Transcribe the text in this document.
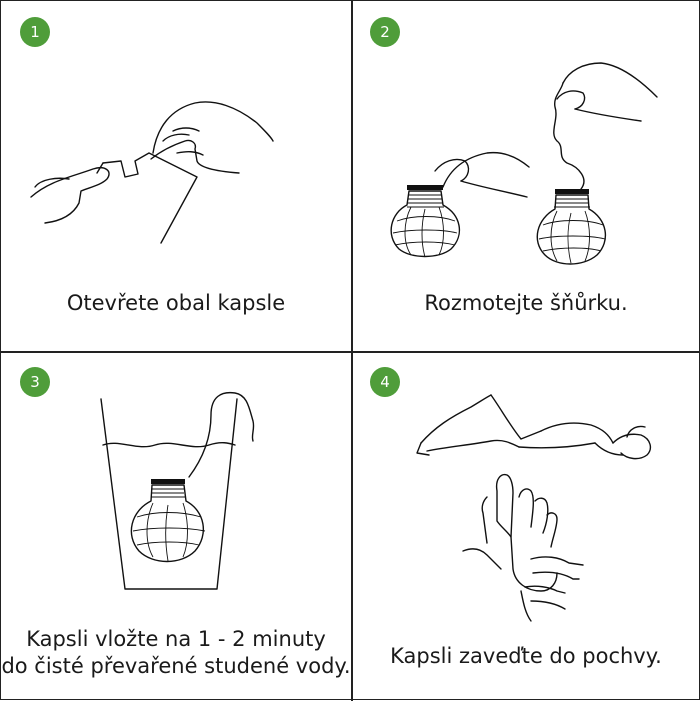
1
Otevřete obal kapsle
2
Rozmotejte šňůrku.
3
Kapsli vložte na 1 - 2 minuty
do čisté převařené studené vody.
4
Kapsli zaveďte do pochvy.
